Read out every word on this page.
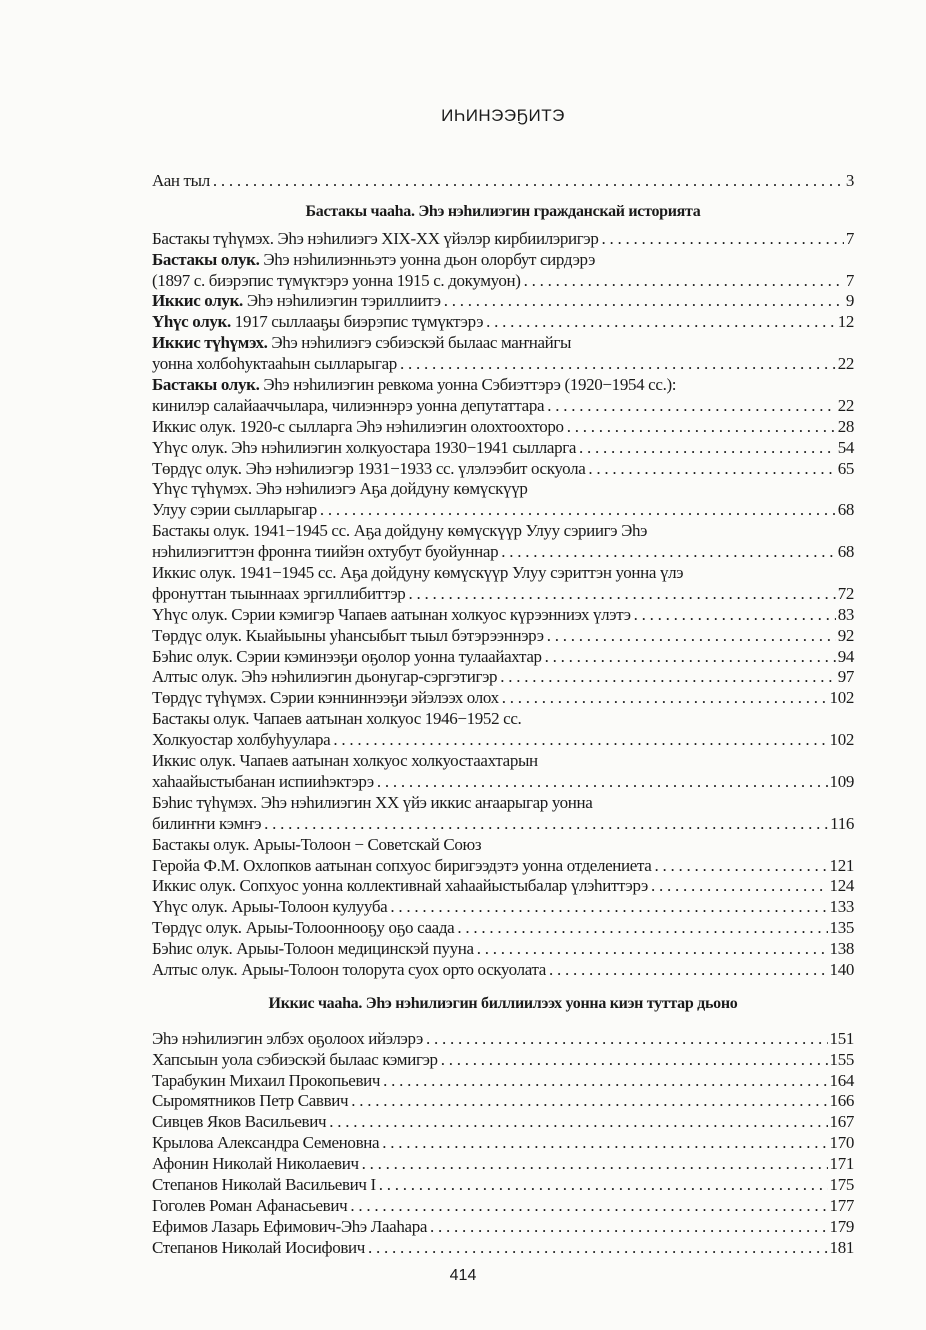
ИҺИНЭЭҔИТЭ
Аан тыл . . .	3
Бастакы чааһа. Эһэ нэһилиэгин гражданскай историята
Бастакы түһүмэх. Эһэ нэһилиэгэ XIX-XX үйэлэр кирбиилэригэр . . .	7
Бастакы олук. Эһэ нэһилиэнньэтэ уонна дьон олорбут сирдэрэ
(1897 с. биэрэпис түмүктэрэ уонна 1915 с. докумуон) . . .	7
Иккис олук. Эһэ нэһилиэгин тэриллиитэ . . .	9
Үһүс олук. 1917 сыллааҕы биэрэпис түмүктэрэ . . .	12
Иккис түһүмэх. Эһэ нэһилиэгэ сэбиэскэй былаас маҥнайгы
уонна холбоһуктааһын сылларыгар . . .	22
Бастакы олук. Эһэ нэһилиэгин ревкома уонна Сэбиэттэрэ (1920−1954 сс.):
кинилэр салайааччылара, чилиэннэрэ уонна депутаттара . . .	22
Иккис олук. 1920-с сылларга Эһэ нэһилиэгин олохтоохторо . . .	28
Үһүс олук. Эһэ нэһилиэгин холкуостара 1930−1941 сылларга . . .	54
Төрдүс олук. Эһэ нэһилиэгэр 1931−1933 сс. үлэлээбит оскуола . . .	65
Үһүс түһүмэх. Эһэ нэһилиэгэ Аҕа дойдуну көмүскүүр
Улуу сэрии сылларыгар . . .	68
Бастакы олук. 1941−1945 сс. Аҕа дойдуну көмүскүүр Улуу сэриигэ Эһэ
нэһилиэгиттэн фронҥа тиийэн охтубут буойуннар . . .	68
Иккис олук. 1941−1945 сс. Аҕа дойдуну көмүскүүр Улуу сэриттэн уонна үлэ
фронуттан тыыннаах эргиллибиттэр . . .	72
Үһүс олук. Сэрии кэмигэр Чапаев аатынан холкуос күрээнниэх үлэтэ . . .	83
Төрдүс олук. Кыайыыны уһансыбыт тыыл бэтэрээннэрэ . . .	92
Бэһис олук. Сэрии кэминээҕи оҕолор уонна тулаайахтар . . .	94
Алтыс олук. Эһэ нэһилиэгин дьонугар-сэргэтигэр . . .	97
Төрдүс түһүмэх. Сэрии кэнниннээҕи эйэлээх олох . . .	102
Бастакы олук. Чапаев аатынан холкуос 1946−1952 сс.
Холкуостар холбуһуулара . . .	102
Иккис олук. Чапаев аатынан холкуос холкуостаахтарын
хаһаайыстыбанан испииһэктэрэ . . .	109
Бэһис түһүмэх. Эһэ нэһилиэгин XX үйэ иккис аҥаарыгар уонна
билиҥҥи кэмҥэ . . .	116
Бастакы олук. Арыы-Толоон − Советскай Союз
Геройа Ф.М. Охлопков аатынан сопхуос биригээдэтэ уонна отделениета . . .	121
Иккис олук. Сопхуос уонна коллективнай хаһаайыстыбалар үлэһиттэрэ . . .	124
Үһүс олук. Арыы-Толоон кулууба . . .	133
Төрдүс олук. Арыы-Толооннооҕу оҕо саада . . .	135
Бэһис олук. Арыы-Толоон медицинскэй пуунa . . .	138
Алтыс олук. Арыы-Толоон толорута суох орто оскуолата . . .	140
Иккис чааһа. Эһэ нэһилиэгин биллиилээх уонна киэн туттар дьоно
Эһэ нэһилиэгин элбэх оҕолоох ийэлэрэ . . .	151
Хапсыын уола сэбиэскэй былаас кэмигэр . . .	155
Тарабукин Михаил Прокопьевич . . .	164
Сыромятников Петр Саввич . . .	166
Сивцев Яков Васильевич . . .	167
Крылова Александра Семеновна . . .	170
Афонин Николай Николаевич . . .	171
Степанов Николай Васильевич I . . .	175
Гоголев Роман Афанасьевич . . .	177
Ефимов Лазарь Ефимович-Эһэ Лааһара . . .	179
Степанов Николай Иосифович . . .	181
414
